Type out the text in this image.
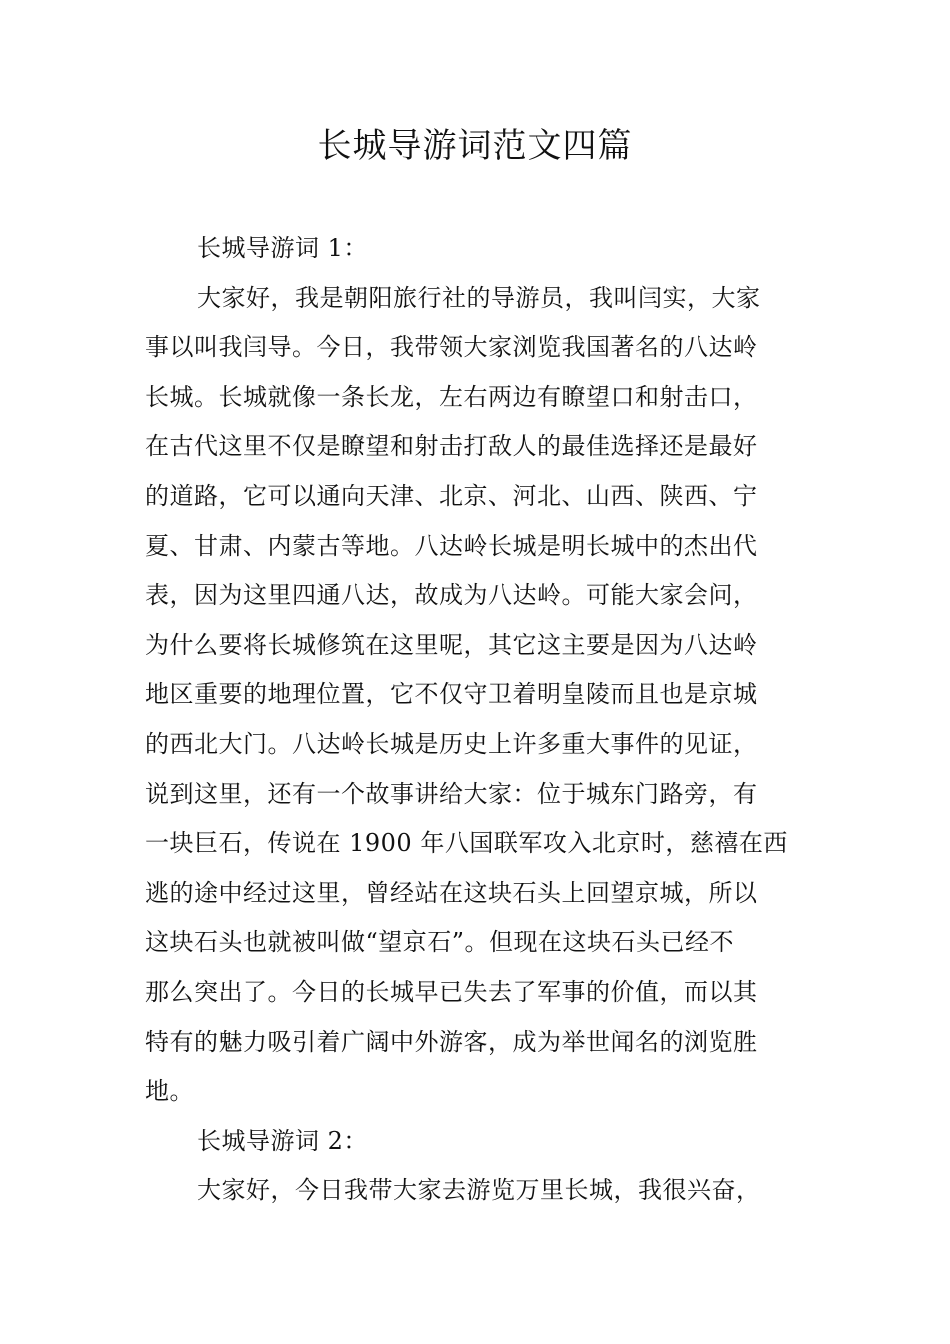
长城导游词范文四篇
长城导游词 1：
大家好，我是朝阳旅行社的导游员，我叫闫实，大家
事以叫我闫导。今日，我带领大家浏览我国著名的八达岭
长城。长城就像一条长龙，左右两边有瞭望口和射击口，
在古代这里不仅是瞭望和射击打敌人的最佳选择还是最好
的道路，它可以通向天津、北京、河北、山西、陕西、宁
夏、甘肃、内蒙古等地。八达岭长城是明长城中的杰出代
表，因为这里四通八达，故成为八达岭。可能大家会问，
为什么要将长城修筑在这里呢，其它这主要是因为八达岭
地区重要的地理位置，它不仅守卫着明皇陵而且也是京城
的西北大门。八达岭长城是历史上许多重大事件的见证，
说到这里，还有一个故事讲给大家：位于城东门路旁，有
一块巨石，传说在 1900 年八国联军攻入北京时，慈禧在西
逃的途中经过这里，曾经站在这块石头上回望京城，所以
这块石头也就被叫做“望京石”。但现在这块石头已经不
那么突出了。今日的长城早已失去了军事的价值，而以其
特有的魅力吸引着广阔中外游客，成为举世闻名的浏览胜
地。
长城导游词 2：
大家好，今日我带大家去游览万里长城，我很兴奋，
